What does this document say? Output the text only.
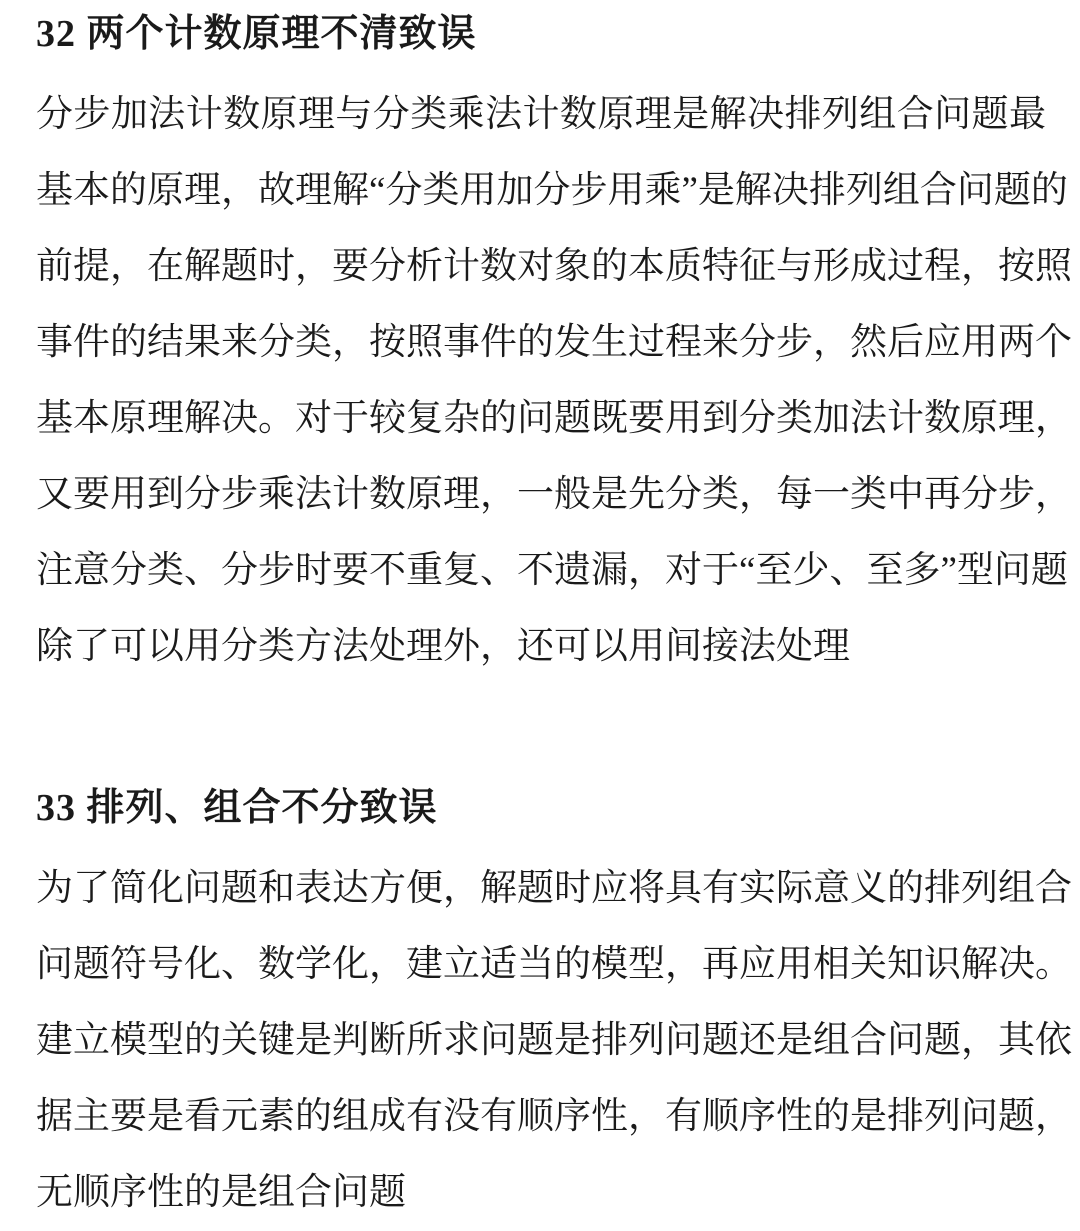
32 两个计数原理不清致误

分 步 加 法 计 数 原 理 与 分 类 乘 法 计 数 原 理 是 解 决 排 列 组 合 问 题 最

基 本 的 原 理 ， 故 理 解 “ 分 类 用 加 分 步 用 乘 ” 是 解 决 排 列 组 合 问 题 的

前 提 ， 在 解 题 时 ， 要 分 析 计 数 对 象 的 本 质 特 征 与 形 成 过 程 ， 按 照

事 件 的 结 果 来 分 类 ， 按 照 事 件 的 发 生 过 程 来 分 步 ， 然 后 应 用 两 个

基 本 原 理 解 决 。 对 于 较 复 杂 的 问 题 既 要 用 到 分 类 加 法 计 数 原 理 ，

又 要 用 到 分 步 乘 法 计 数 原 理 ， 一 般 是 先 分 类 ， 每 一 类 中 再 分 步 ，

注 意 分 类 、 分 步 时 要 不 重 复 、 不 遗 漏 ， 对 于 “ 至 少 、 至 多 ” 型 问 题

除了可以用分类方法处理外，还可以用间接法处理

33 排列、组合不分致误

为 了 简 化 问 题 和 表 达 方 便 ， 解 题 时 应 将 具 有 实 际 意 义 的 排 列 组 合

问 题 符 号 化 、 数 学 化 ， 建 立 适 当 的 模 型 ， 再 应 用 相 关 知 识 解 决 。

建 立 模 型 的 关 键 是 判 断 所 求 问 题 是 排 列 问 题 还 是 组 合 问 题 ， 其 依

据 主 要 是 看 元 素 的 组 成 有 没 有 顺 序 性 ， 有 顺 序 性 的 是 排 列 问 题 ，

无顺序性的是组合问题
